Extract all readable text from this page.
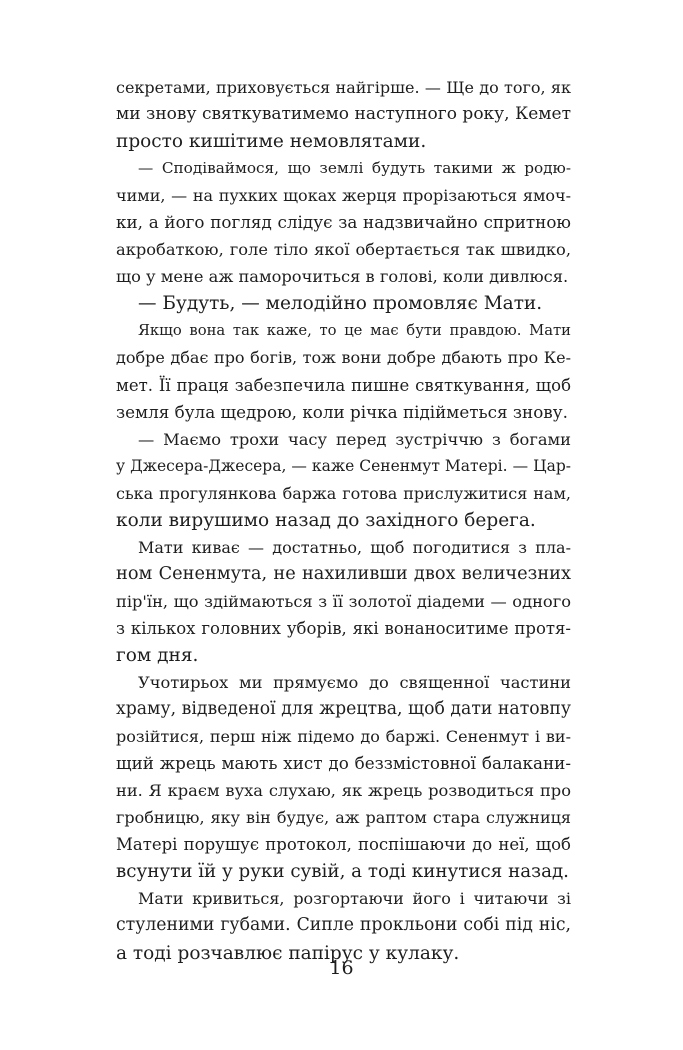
секретами, приховується найгірше. — Ще до того, як
ми знову святкуватимемо наступного року, Кемет
просто кишітиме немовлятами.
— Сподіваймося, що землі будуть такими ж родю-
чими, — на пухких щоках жерця прорізаються ямоч-
ки, а його погляд слідує за надзвичайно спритною
акробаткою, голе тіло якої обертається так швидко,
що у мене аж паморочиться в голові, коли дивлюся.
— Будуть, — мелодійно промовляє Мати.
Якщо вона так каже, то це має бути правдою. Мати
добре дбає про богів, тож вони добре дбають про Ке-
мет. Її праця забезпечила пишне святкування, щоб
земля була щедрою, коли річка підійметься знову.
— Маємо трохи часу перед зустріччю з богами
у Джесера-Джесера, — каже Сененмут Матері. — Цар-
ська прогулянкова баржа готова прислужитися нам,
коли вирушимо назад до західного берега.
Мати киває — достатньо, щоб погодитися з пла-
ном Сененмута, не нахиливши двох величезних
пір'їн, що здіймаються з її золотої діадеми — одного
з кількох головних уборів, які вонаноситиме протя-
гом дня.
Учотирьох ми прямуємо до священної частини
храму, відведеної для жрецтва, щоб дати натовпу
розійтися, перш ніж підемо до баржі. Сененмут і ви-
щий жрець мають хист до беззмістовної балакани-
ни. Я краєм вуха слухаю, як жрець розводиться про
гробницю, яку він будує, аж раптом стара служниця
Матері порушує протокол, поспішаючи до неї, щоб
всунути їй у руки сувій, а тоді кинутися назад.
Мати кривиться, розгортаючи його і читаючи зі
стуленими губами. Сипле прокльони собі під ніс,
а тоді розчавлює папірус у кулаку.
16
